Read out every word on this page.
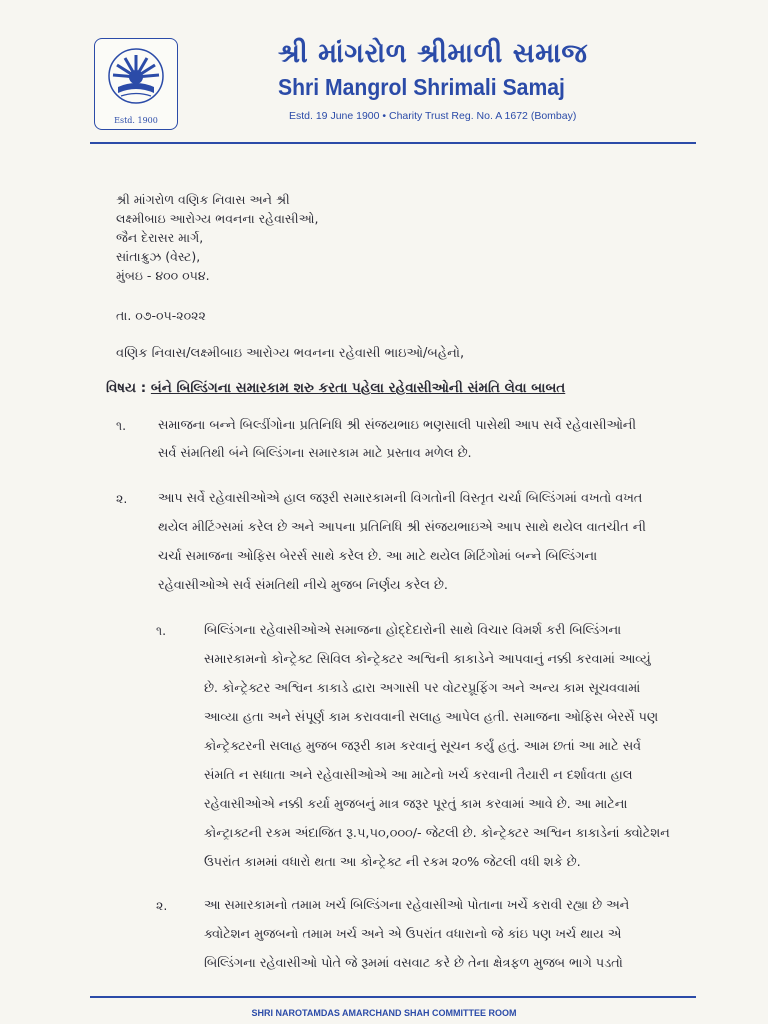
Estd. 1900
શ્રી માંગરોળ શ્રીમાળી સમાજ
Shri Mangrol Shrimali Samaj
Estd. 19 June 1900 • Charity Trust Reg. No. A 1672 (Bombay)
શ્રી માંગરોળ વણિક નિવાસ અને શ્રી
લક્ષ્મીબાઇ આરોગ્ય ભવનના રહેવાસીઓ,
જૈન દેરાસર માર્ગ,
સાંતાક્રુઝ (વેસ્ટ),
મુંબઇ - ૪૦૦ ૦૫૪.
તા. ૦૭-૦૫-૨૦૨૨
વણિક નિવાસ/લક્ષ્મીબાઇ આરોગ્ય ભવનના રહેવાસી ભાઇઓ/બહેનો,
વિષય : બંને બિલ્ડિંગના સમારકામ શરુ કરતા પહેલા રહેવાસીઓની સંમતિ લેવા બાબત
૧. સમાજના બન્ને બિલ્ડીંગોના પ્રતિનિધિ શ્રી સંજયભાઇ ભણસાલી પાસેથી આપ સર્વે રહેવાસીઓની
સર્વ સંમતિથી બંને બિલ્ડિંગના સમારકામ માટે પ્રસ્તાવ મળેલ છે.
૨. આપ સર્વે રહેવાસીઓએ હાલ જરૂરી સમારકામની વિગતોની વિસ્તૃત ચર્ચા બિલ્ડિંગમાં વખતો વખત
થયેલ મીટિંગ્સમાં કરેલ છે અને આપના પ્રતિનિધિ શ્રી સંજયભાઇએ આપ સાથે થયેલ વાતચીત ની
ચર્ચા સમાજના ઓફિસ બેરર્સ સાથે કરેલ છે. આ માટે થયેલ મિટિંગોમાં બન્ને બિલ્ડિંગના
રહેવાસીઓએ સર્વ સંમતિથી નીચે મુજબ નિર્ણય કરેલ છે.
૧.	બિલ્ડિંગના રહેવાસીઓએ સમાજના હોદ્દેદારોની સાથે વિચાર વિમર્શ કરી બિલ્ડિંગના
સમારકામનો કોન્ટ્રેક્ટ સિવિલ કોન્ટ્રેક્ટર અશ્વિની કાકાડેને આપવાનું નક્કી કરવામાં આવ્યું
છે. કોન્ટ્રેક્ટર અશ્વિન કાકાડે દ્વારા અગાસી પર વોટરપ્રૂફિંગ અને અન્ય કામ સૂચવવામાં
આવ્યા હતા અને સંપૂર્ણ કામ કરાવવાની સલાહ આપેલ હતી. સમાજના ઓફિસ બેરર્સે પણ
કોન્ટ્રેક્ટરની સલાહ મુજબ જરૂરી કામ કરવાનું સૂચન કર્યું હતું. આમ છતાં આ માટે સર્વ
સંમતિ ન સધાતા અને રહેવાસીઓએ આ માટેનો ખર્ચ કરવાની તૈયારી ન દર્શાવતા હાલ
રહેવાસીઓએ નક્કી કર્યા મુજબનું માત્ર જરૂર પૂરતું કામ કરવામાં આવે છે. આ માટેના
કોન્ટ્રાક્ટની રકમ અંદાજિત રૂ.૫,૫૦,૦૦૦/- જેટલી છે. કોન્ટ્રેક્ટર અશ્વિન કાકાડેનાં ક્વોટેશન
ઉપરાંત કામમાં વધારો થતા આ કોન્ટ્રેક્ટ ની રકમ ૨૦% જેટલી વધી શકે છે.
૨.	આ સમારકામનો તમામ ખર્ચ બિલ્ડિંગના રહેવાસીઓ પોતાના ખર્ચે કરાવી રહ્યા છે અને
ક્વોટેશન મુજબનો તમામ ખર્ચ અને એ ઉપરાંત વધારાનો જે કાંઇ પણ ખર્ચ થાય એ
બિલ્ડિંગના રહેવાસીઓ પોતે જે રૂમમાં વસવાટ કરે છે તેના ક્ષેત્રફળ મુજબ ભાગે પડતો
SHRI NAROTAMDAS AMARCHAND SHAH COMMITTEE ROOM
